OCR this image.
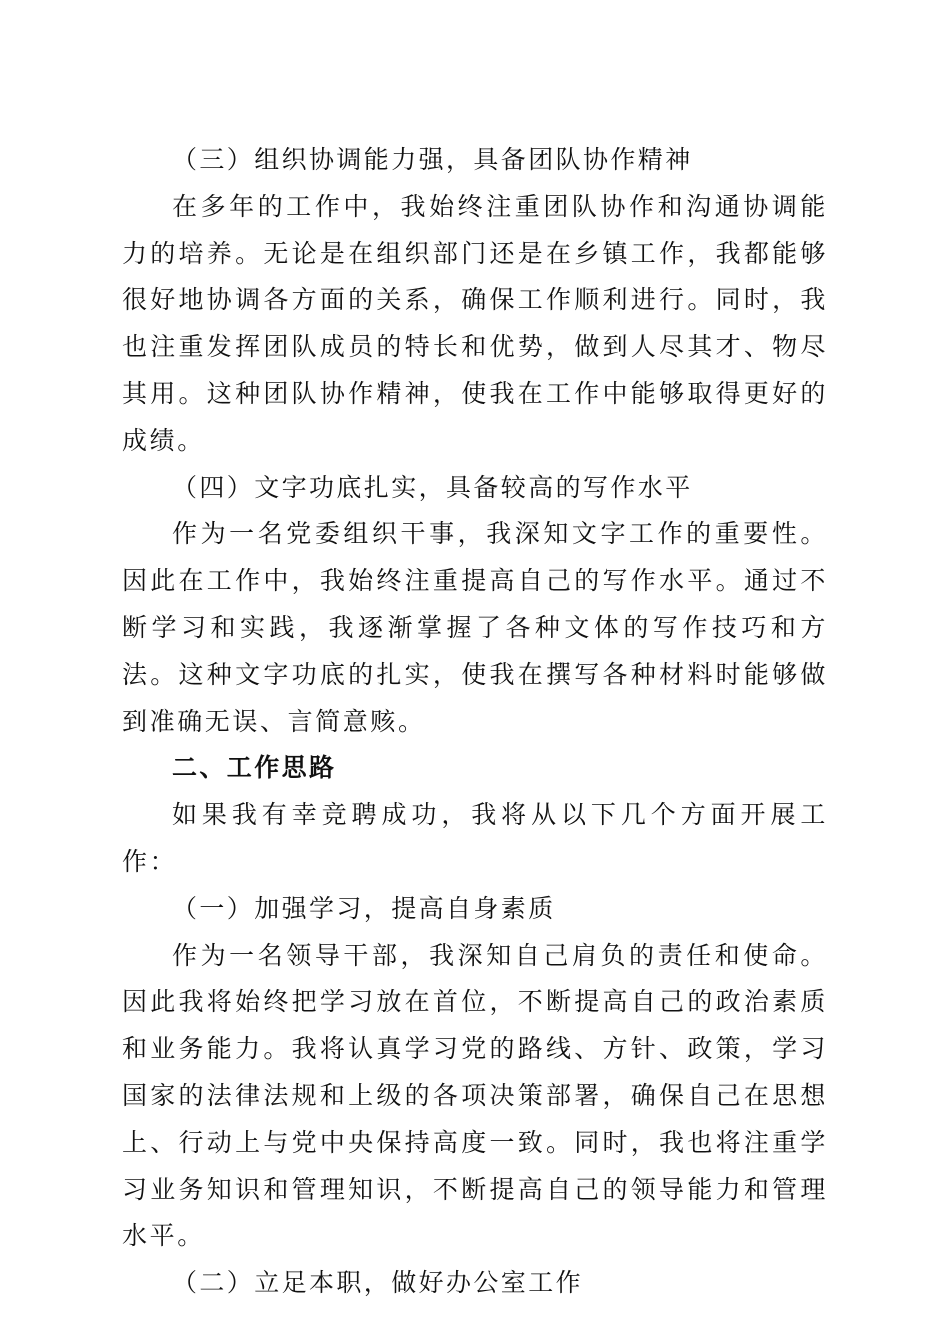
（三）组织协调能力强，具备团队协作精神

在多年的工作中，我始终注重团队协作和沟通协调能力的培养。无论是在组织部门还是在乡镇工作，我都能够很好地协调各方面的关系，确保工作顺利进行。同时，我也注重发挥团队成员的特长和优势，做到人尽其才、物尽其用。这种团队协作精神，使我在工作中能够取得更好的成绩。

（四）文字功底扎实，具备较高的写作水平

作为一名党委组织干事，我深知文字工作的重要性。因此在工作中，我始终注重提高自己的写作水平。通过不断学习和实践，我逐渐掌握了各种文体的写作技巧和方法。这种文字功底的扎实，使我在撰写各种材料时能够做到准确无误、言简意赅。

二、工作思路

如果我有幸竞聘成功，我将从以下几个方面开展工作：

（一）加强学习，提高自身素质

作为一名领导干部，我深知自己肩负的责任和使命。因此我将始终把学习放在首位，不断提高自己的政治素质和业务能力。我将认真学习党的路线、方针、政策，学习国家的法律法规和上级的各项决策部署，确保自己在思想上、行动上与党中央保持高度一致。同时，我也将注重学习业务知识和管理知识，不断提高自己的领导能力和管理水平。

（二）立足本职，做好办公室工作
